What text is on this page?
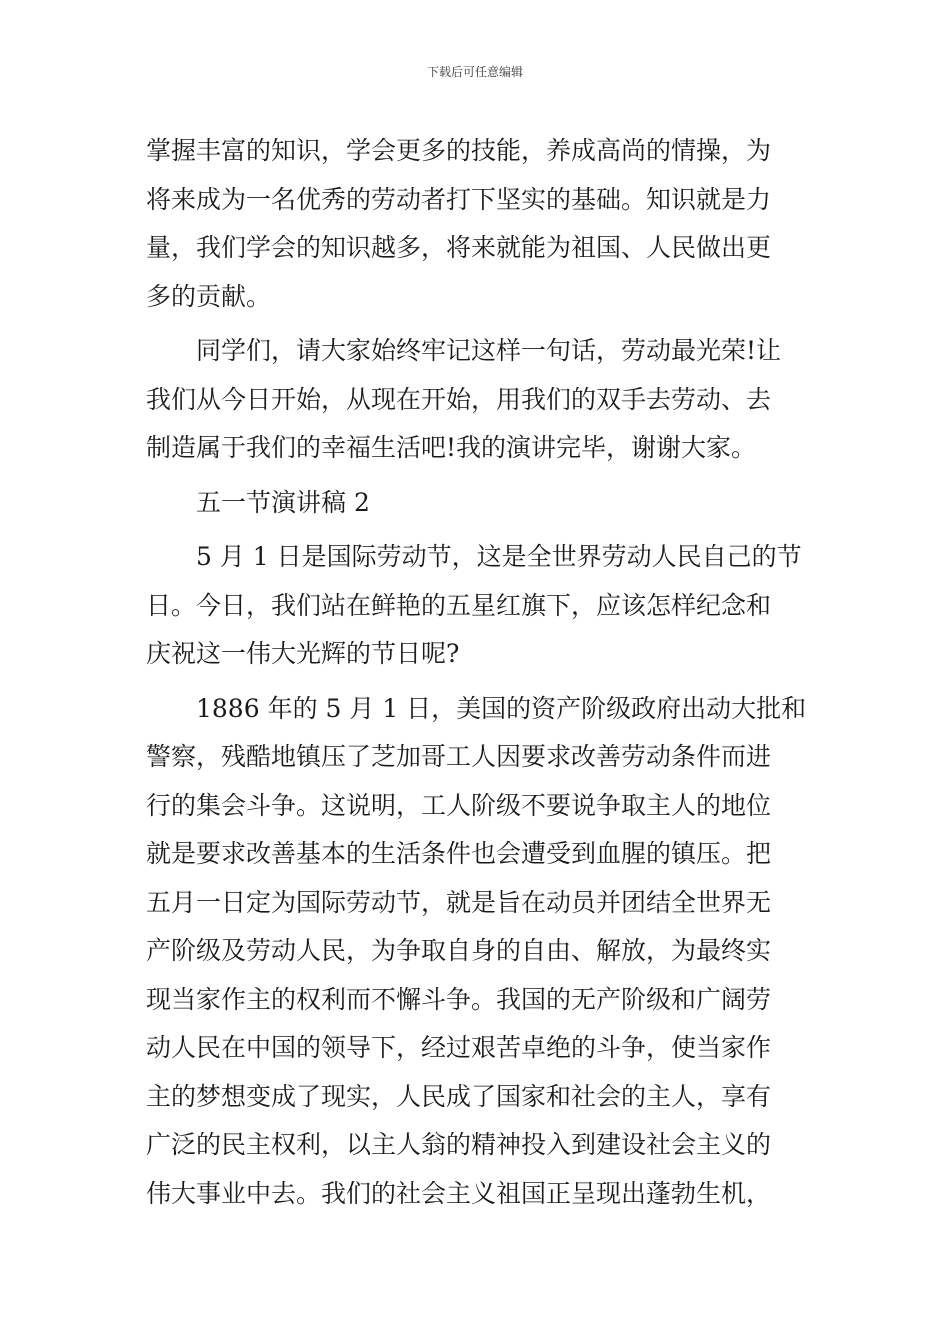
下载后可任意编辑
掌握丰富的知识，学会更多的技能，养成高尚的情操，为
将来成为一名优秀的劳动者打下坚实的基础。知识就是力
量，我们学会的知识越多，将来就能为祖国、人民做出更
多的贡献。
同学们，请大家始终牢记这样一句话，劳动最光荣!让
我们从今日开始，从现在开始，用我们的双手去劳动、去
制造属于我们的幸福生活吧!我的演讲完毕，谢谢大家。
五一节演讲稿 2
5 月 1 日是国际劳动节，这是全世界劳动人民自己的节
日。今日，我们站在鲜艳的五星红旗下，应该怎样纪念和
庆祝这一伟大光辉的节日呢?
1886 年的 5 月 1 日，美国的资产阶级政府出动大批和
警察，残酷地镇压了芝加哥工人因要求改善劳动条件而进
行的集会斗争。这说明，工人阶级不要说争取主人的地位
就是要求改善基本的生活条件也会遭受到血腥的镇压。把
五月一日定为国际劳动节，就是旨在动员并团结全世界无
产阶级及劳动人民，为争取自身的自由、解放，为最终实
现当家作主的权利而不懈斗争。我国的无产阶级和广阔劳
动人民在中国的领导下，经过艰苦卓绝的斗争，使当家作
主的梦想变成了现实，人民成了国家和社会的主人，享有
广泛的民主权利，以主人翁的精神投入到建设社会主义的
伟大事业中去。我们的社会主义祖国正呈现出蓬勃生机，
